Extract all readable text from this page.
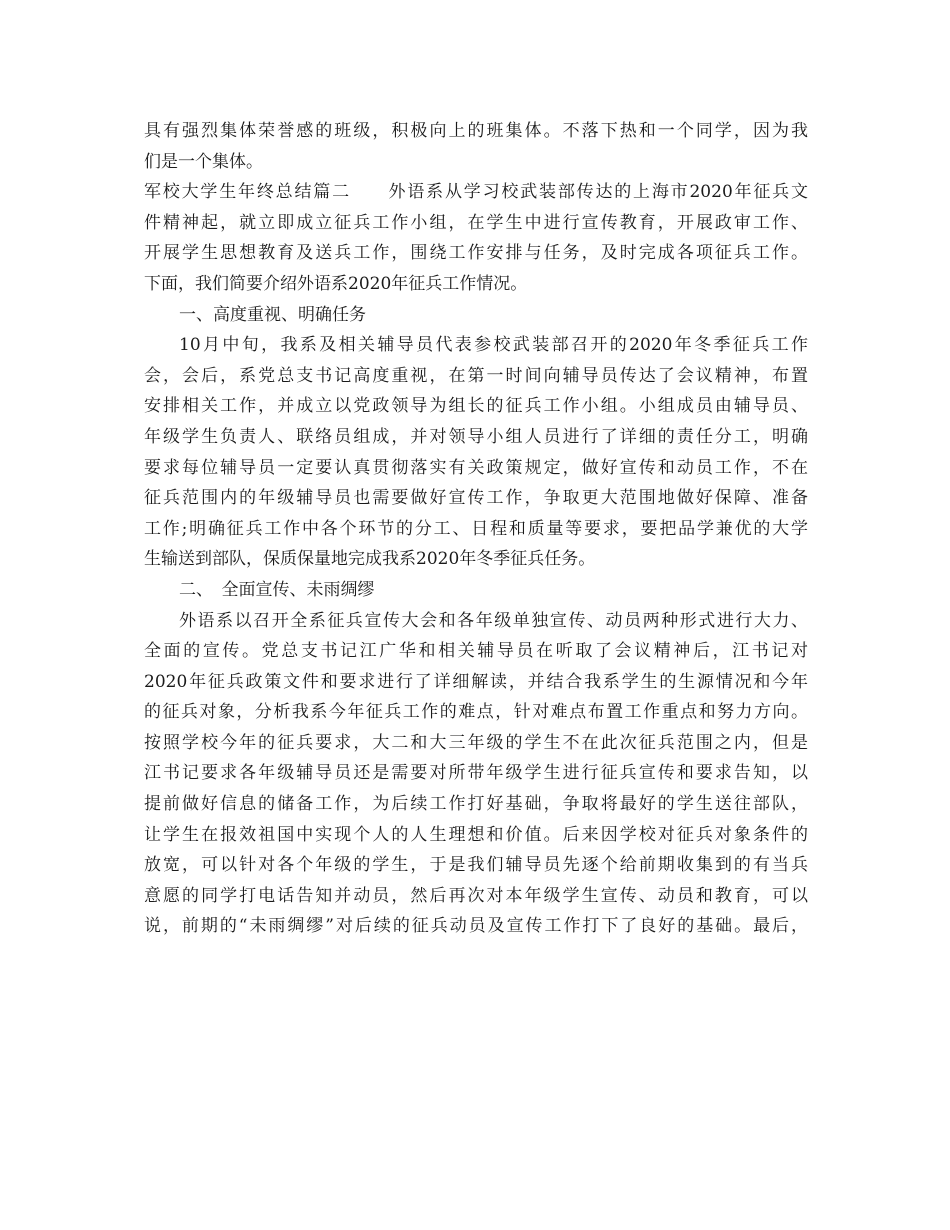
具有强烈集体荣誉感的班级，积极向上的班集体。不落下热和一个同学，因为我
们是一个集体。
军校大学生年终总结篇二　　外语系从学习校武装部传达的上海市2020年征兵文
件精神起，就立即成立征兵工作小组，在学生中进行宣传教育，开展政审工作、
开展学生思想教育及送兵工作，围绕工作安排与任务，及时完成各项征兵工作。
下面，我们简要介绍外语系2020年征兵工作情况。
一、高度重视、明确任务
10月中旬，我系及相关辅导员代表参校武装部召开的2020年冬季征兵工作
会，会后，系党总支书记高度重视，在第一时间向辅导员传达了会议精神，布置
安排相关工作，并成立以党政领导为组长的征兵工作小组。小组成员由辅导员、
年级学生负责人、联络员组成，并对领导小组人员进行了详细的责任分工，明确
要求每位辅导员一定要认真贯彻落实有关政策规定，做好宣传和动员工作，不在
征兵范围内的年级辅导员也需要做好宣传工作，争取更大范围地做好保障、准备
工作;明确征兵工作中各个环节的分工、日程和质量等要求，要把品学兼优的大学
生输送到部队，保质保量地完成我系2020年冬季征兵任务。
二、　全面宣传、未雨绸缪
外语系以召开全系征兵宣传大会和各年级单独宣传、动员两种形式进行大力、
全面的宣传。党总支书记江广华和相关辅导员在听取了会议精神后，江书记对
2020年征兵政策文件和要求进行了详细解读，并结合我系学生的生源情况和今年
的征兵对象，分析我系今年征兵工作的难点，针对难点布置工作重点和努力方向。
按照学校今年的征兵要求，大二和大三年级的学生不在此次征兵范围之内，但是
江书记要求各年级辅导员还是需要对所带年级学生进行征兵宣传和要求告知，以
提前做好信息的储备工作，为后续工作打好基础，争取将最好的学生送往部队，
让学生在报效祖国中实现个人的人生理想和价值。后来因学校对征兵对象条件的
放宽，可以针对各个年级的学生，于是我们辅导员先逐个给前期收集到的有当兵
意愿的同学打电话告知并动员，然后再次对本年级学生宣传、动员和教育，可以
说，前期的“未雨绸缪”对后续的征兵动员及宣传工作打下了良好的基础。最后，
